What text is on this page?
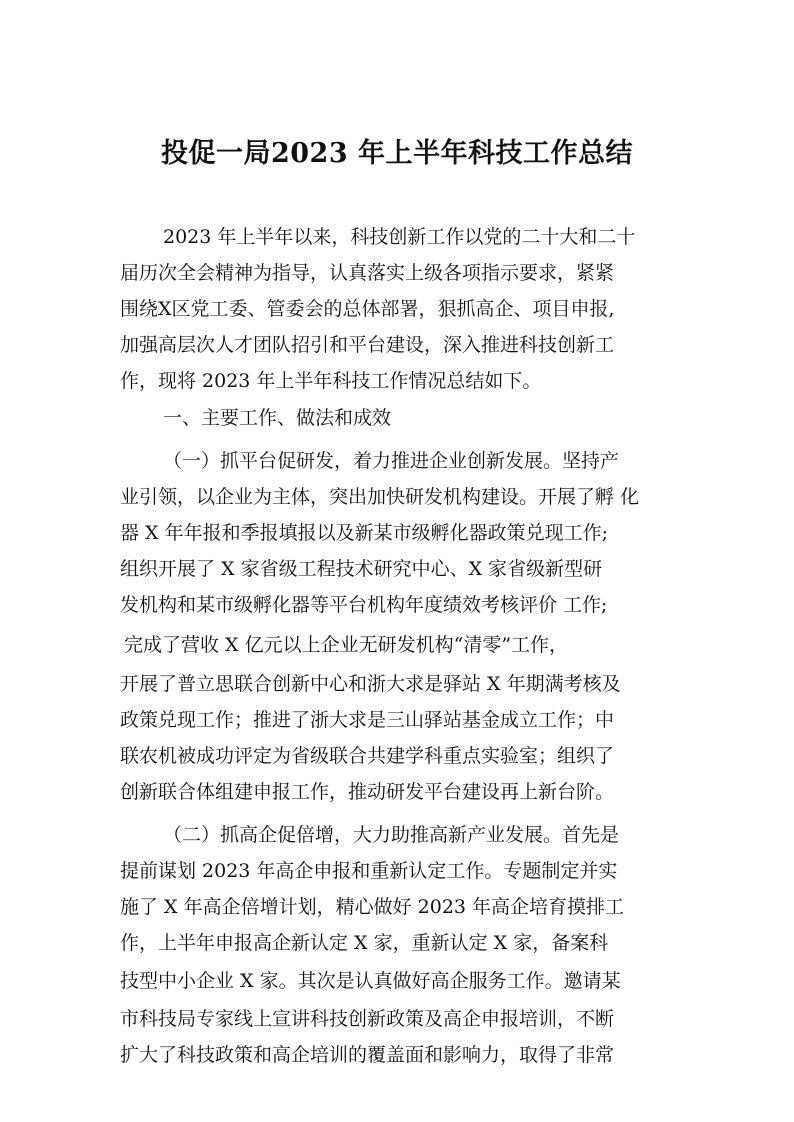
投促一局2023 年上半年科技工作总结
2023 年上半年以来，科技创新工作以党的二十大和二十
届历次全会精神为指导，认真落实上级各项指示要求，紧紧
围绕X区党工委、管委会的总体部署，狠抓高企、项目申报,
加强高层次人才团队招引和平台建设，深入推进科技创新工
作，现将 2023 年上半年科技工作情况总结如下。
一、主要工作、做法和成效
（一）抓平台促研发，着力推进企业创新发展。坚持产
业引领，以企业为主体，突出加快研发机构建设。开展了孵 化
器 X 年年报和季报填报以及新某市级孵化器政策兑现工作;
组织开展了 X 家省级工程技术研究中心、X 家省级新型研
发机构和某市级孵化器等平台机构年度绩效考核评价 工作;
完成了营收 X 亿元以上企业无研发机构“清零”工作，
开展了普立思联合创新中心和浙大求是驿站 X 年期满考核及
政策兑现工作；推进了浙大求是三山驿站基金成立工作；中
联农机被成功评定为省级联合共建学科重点实验室；组织了
创新联合体组建申报工作，推动研发平台建设再上新台阶。
（二）抓高企促倍增，大力助推高新产业发展。首先是
提前谋划 2023 年高企申报和重新认定工作。专题制定并实
施了 X 年高企倍增计划，精心做好 2023 年高企培育摸排工
作，上半年申报高企新认定 X 家，重新认定 X 家，备案科
技型中小企业 X 家。其次是认真做好高企服务工作。邀请某
市科技局专家线上宣讲科技创新政策及高企申报培训，不断
扩大了科技政策和高企培训的覆盖面和影响力，取得了非常
